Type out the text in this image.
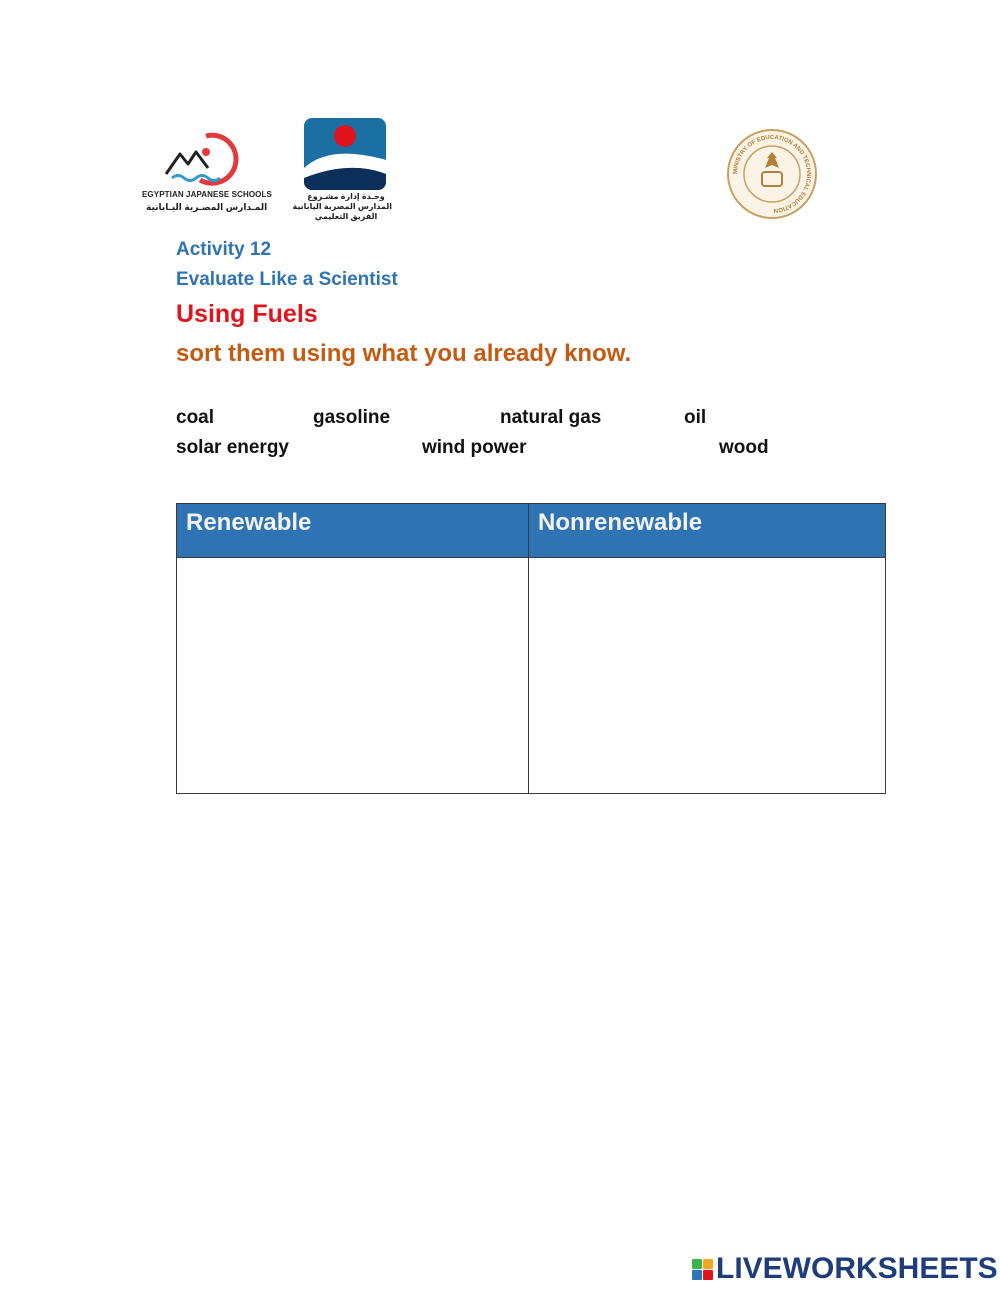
EGYPTIAN JAPANESE SCHOOLS
المـدارس المصـرية اليـابانية
وحـدة إدارة مشـروع
المدارس المصرية اليابانية
الفريق التعليمي
MINISTRY OF EDUCATION AND TECHNICAL EDUCATION
Activity 12
Evaluate Like a Scientist
Using Fuels
sort them using what you already know.
coal	gasoline	natural gas	oil
solar energy	wind power	wood
Renewable	Nonrenewable

LIVEWORKSHEETS
